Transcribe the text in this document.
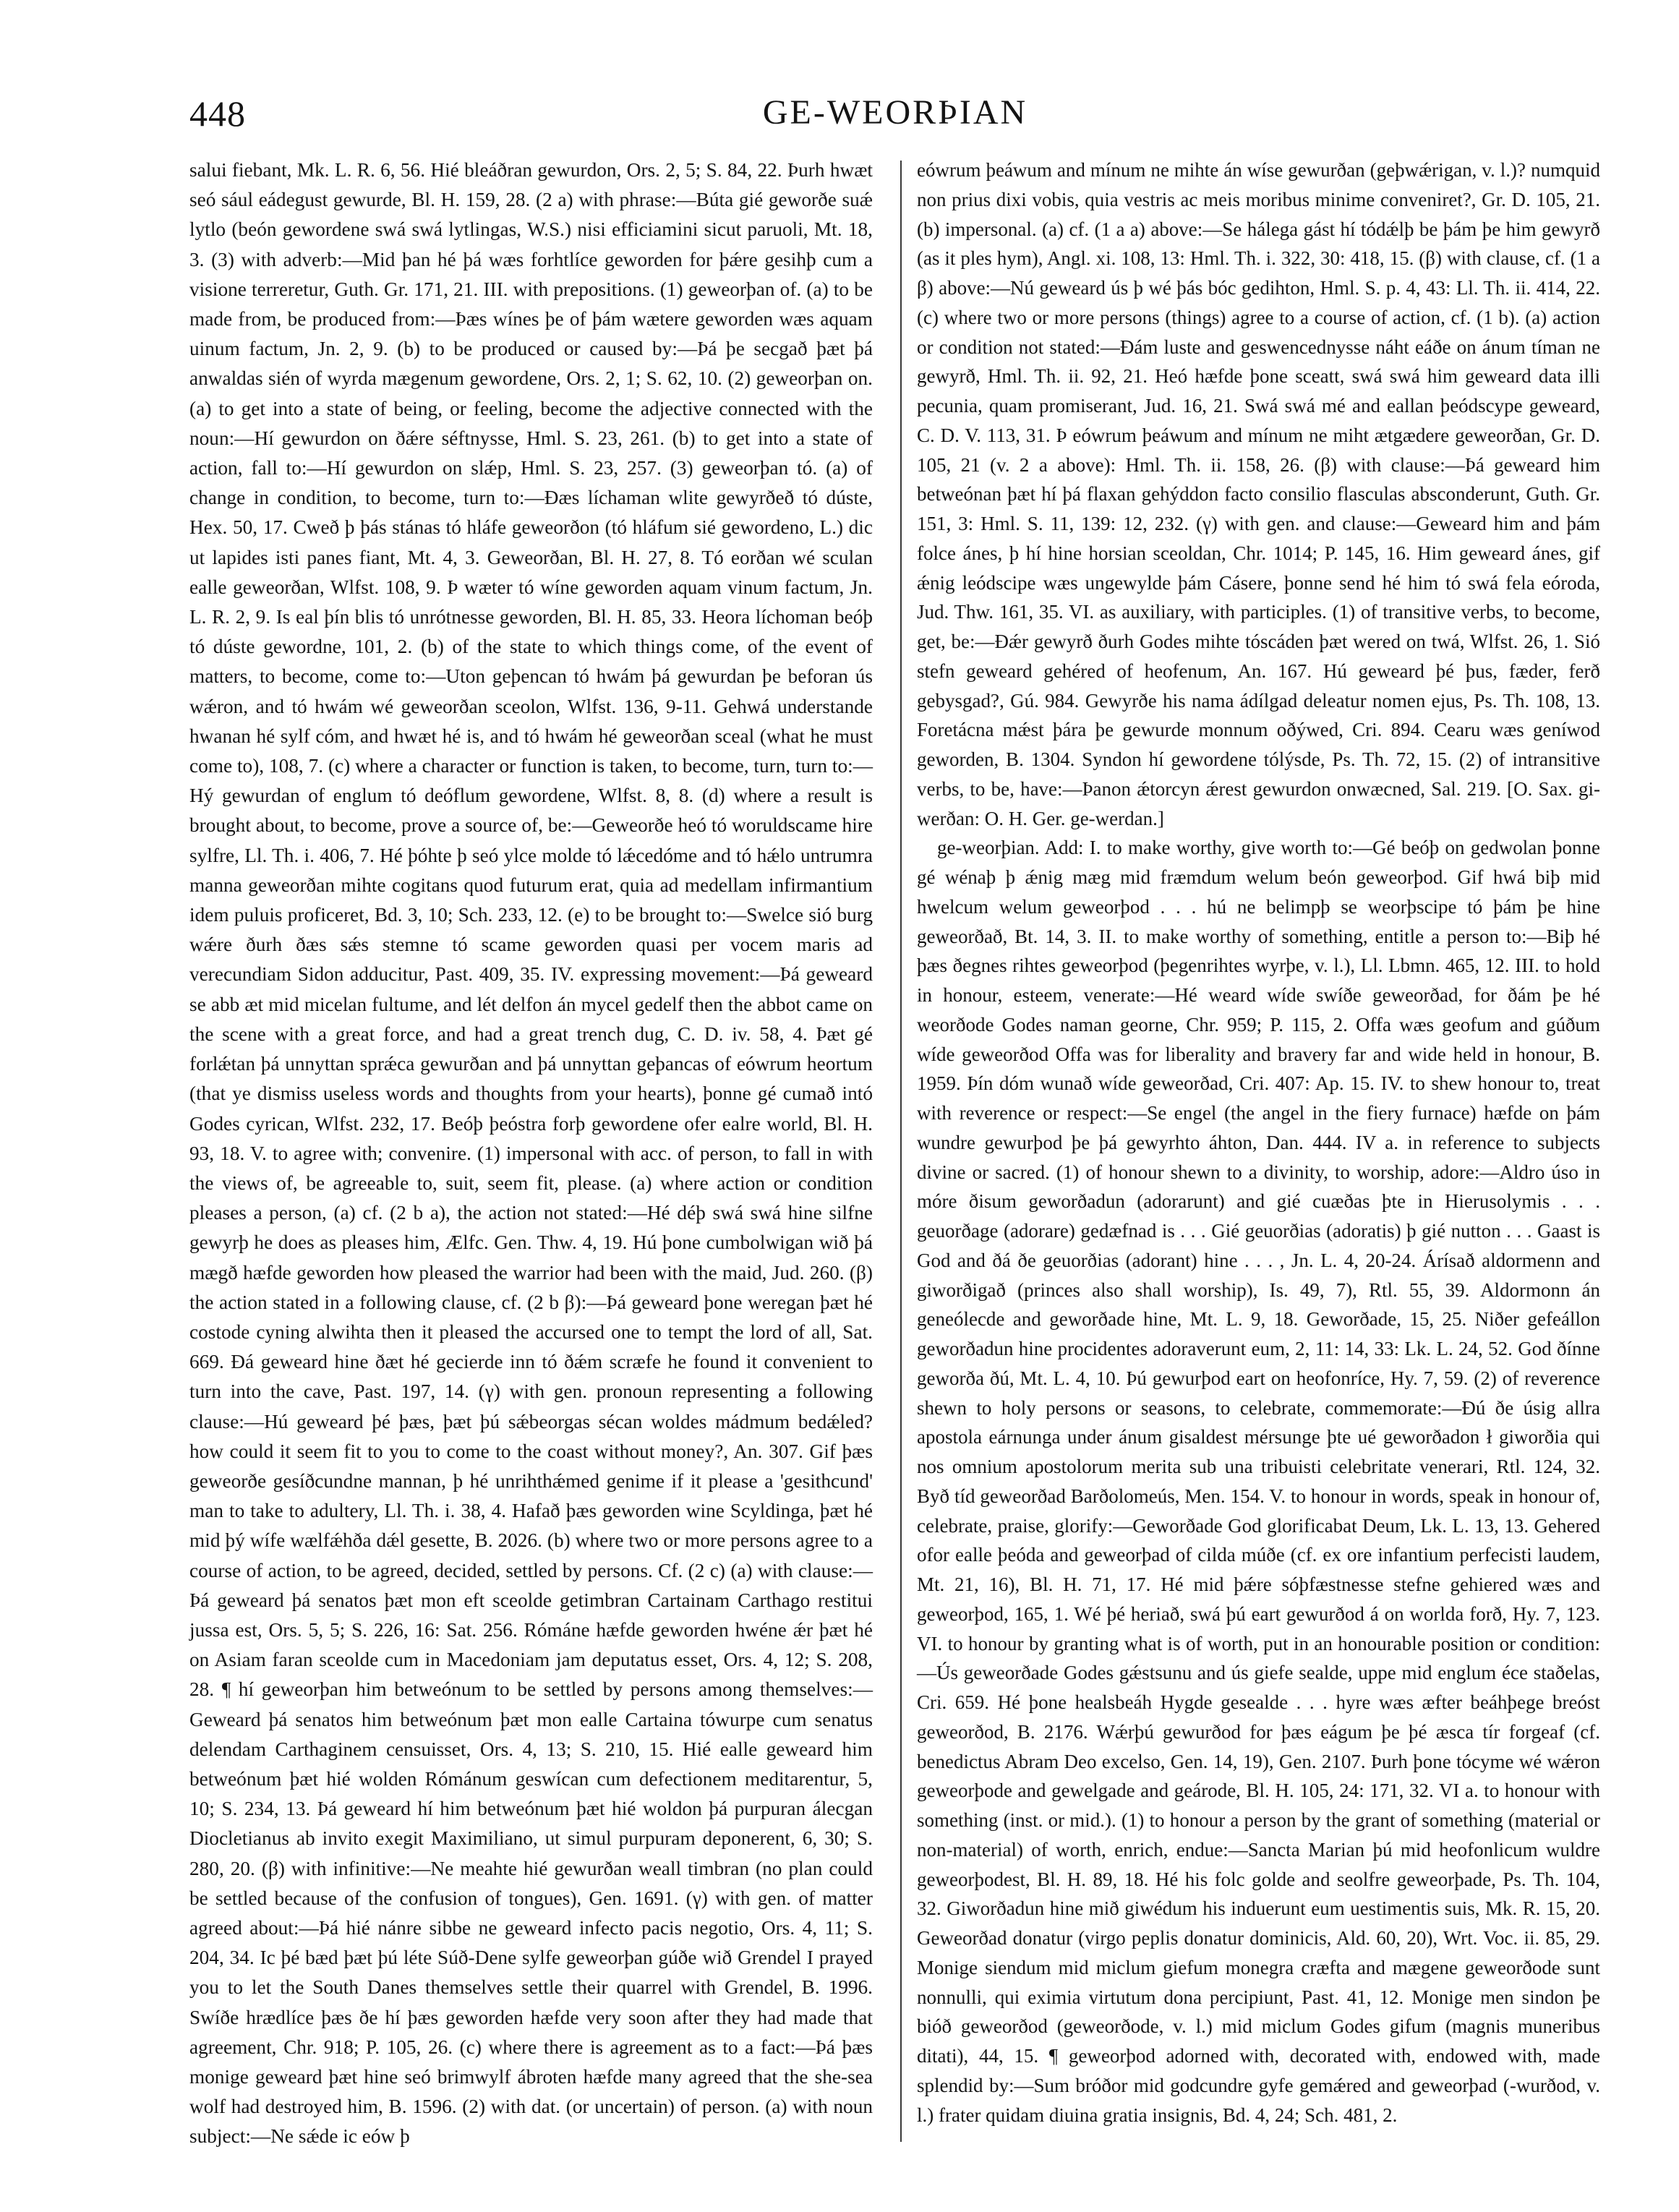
448	GE-WEORÞIAN

salui fiebant, Mk. L. R. 6, 56. Hié bleáðran gewurdon, Ors. 2, 5; S. 84, 22. Þurh hwæt seó sául eádegust gewurde, Bl. H. 159, 28. (2 a) with phrase:—Búta gié geworðe suǽ lytlo (beón gewordene swá swá lytlingas, W.S.) nisi efficiamini sicut paruoli, Mt. 18, 3. (3) with adverb:—Mid þan hé þá wæs forhtlíce geworden for þǽre gesihþ cum a visione terreretur, Guth. Gr. 171, 21. III. with prepositions. (1) geweorþan of. (a) to be made from, be produced from:—Þæs wínes þe of þám wætere geworden wæs aquam uinum factum, Jn. 2, 9. (b) to be produced or caused by:—Þá þe secgað þæt þá anwaldas sién of wyrda mægenum gewordene, Ors. 2, 1; S. 62, 10. (2) geweorþan on. (a) to get into a state of being, or feeling, become the adjective connected with the noun:—Hí gewurdon on ðǽre séftnysse, Hml. S. 23, 261. (b) to get into a state of action, fall to:—Hí gewurdon on slǽp, Hml. S. 23, 257. (3) geweorþan tó. (a) of change in condition, to become, turn to:—Ðæs líchaman wlite gewyrðeð tó dúste, Hex. 50, 17. Cweð þ þás stánas tó hláfe geweorðon (tó hláfum sié gewordeno, L.) dic ut lapides isti panes fiant, Mt. 4, 3. Geweorðan, Bl. H. 27, 8. Tó eorðan wé sculan ealle geweorðan, Wlfst. 108, 9. Þ wæter tó wíne geworden aquam vinum factum, Jn. L. R. 2, 9. Is eal þín blis tó unrótnesse geworden, Bl. H. 85, 33. Heora líchoman beóþ tó dúste gewordne, 101, 2. (b) of the state to which things come, of the event of matters, to become, come to:—Uton geþencan tó hwám þá gewurdan þe beforan ús wǽron, and tó hwám wé geweorðan sceolon, Wlfst. 136, 9-11. Gehwá understande hwanan hé sylf cóm, and hwæt hé is, and tó hwám hé geweorðan sceal (what he must come to), 108, 7. (c) where a character or function is taken, to become, turn, turn to:—Hý gewurdan of englum tó deóflum gewordene, Wlfst. 8, 8. (d) where a result is brought about, to become, prove a source of, be:—Geweorðe heó tó woruldscame hire sylfre, Ll. Th. i. 406, 7. Hé þóhte þ seó ylce molde tó lǽcedóme and tó hǽlo untrumra manna geweorðan mihte cogitans quod futurum erat, quia ad medellam infirmantium idem puluis proficeret, Bd. 3, 10; Sch. 233, 12. (e) to be brought to:—Swelce sió burg wǽre ðurh ðæs sǽs stemne tó scame geworden quasi per vocem maris ad verecundiam Sidon adducitur, Past. 409, 35. IV. expressing movement:—Þá geweard se abb æt mid micelan fultume, and lét delfon án mycel gedelf then the abbot came on the scene with a great force, and had a great trench dug, C. D. iv. 58, 4. Þæt gé forlǽtan þá unnyttan sprǽca gewurðan and þá unnyttan geþancas of eówrum heortum (that ye dismiss useless words and thoughts from your hearts), þonne gé cumað intó Godes cyrican, Wlfst. 232, 17. Beóþ þeóstra forþ gewordene ofer ealre world, Bl. H. 93, 18. V. to agree with; convenire. (1) impersonal with acc. of person, to fall in with the views of, be agreeable to, suit, seem fit, please. (a) where action or condition pleases a person, (a) cf. (2 b a), the action not stated:—Hé déþ swá swá hine silfne gewyrþ he does as pleases him, Ælfc. Gen. Thw. 4, 19. Hú þone cumbolwigan wið þá mægð hæfde geworden how pleased the warrior had been with the maid, Jud. 260. (β) the action stated in a following clause, cf. (2 b β):—Þá geweard þone weregan þæt hé costode cyning alwihta then it pleased the accursed one to tempt the lord of all, Sat. 669. Ðá geweard hine ðæt hé gecierde inn tó ðǽm scræfe he found it convenient to turn into the cave, Past. 197, 14. (γ) with gen. pronoun representing a following clause:—Hú geweard þé þæs, þæt þú sǽbeorgas sécan woldes mádmum bedǽled? how could it seem fit to you to come to the coast without money?, An. 307. Gif þæs geweorðe gesíðcundne mannan, þ hé unrihthǽmed genime if it please a 'gesithcund' man to take to adultery, Ll. Th. i. 38, 4. Hafað þæs geworden wine Scyldinga, þæt hé mid þý wífe wælfǽhða dǽl gesette, B. 2026. (b) where two or more persons agree to a course of action, to be agreed, decided, settled by persons. Cf. (2 c) (a) with clause:—Þá geweard þá senatos þæt mon eft sceolde getimbran Cartainam Carthago restitui jussa est, Ors. 5, 5; S. 226, 16: Sat. 256. Rómáne hæfde geworden hwéne ǽr þæt hé on Asiam faran sceolde cum in Macedoniam jam deputatus esset, Ors. 4, 12; S. 208, 28. ¶ hí geweorþan him betweónum to be settled by persons among themselves:—Geweard þá senatos him betweónum þæt mon ealle Cartaina tówurpe cum senatus delendam Carthaginem censuisset, Ors. 4, 13; S. 210, 15. Hié ealle geweard him betweónum þæt hié wolden Rómánum geswícan cum defectionem meditarentur, 5, 10; S. 234, 13. Þá geweard hí him betweónum þæt hié woldon þá purpuran álecgan Diocletianus ab invito exegit Maximiliano, ut simul purpuram deponerent, 6, 30; S. 280, 20. (β) with infinitive:—Ne meahte hié gewurðan weall timbran (no plan could be settled because of the confusion of tongues), Gen. 1691. (γ) with gen. of matter agreed about:—Þá hié nánre sibbe ne geweard infecto pacis negotio, Ors. 4, 11; S. 204, 34. Ic þé bæd þæt þú léte Súð-Dene sylfe geweorþan gúðe wið Grendel I prayed you to let the South Danes themselves settle their quarrel with Grendel, B. 1996. Swíðe hrædlíce þæs ðe hí þæs geworden hæfde very soon after they had made that agreement, Chr. 918; P. 105, 26. (c) where there is agreement as to a fact:—Þá þæs monige geweard þæt hine seó brimwylf ábroten hæfde many agreed that the she-sea wolf had destroyed him, B. 1596. (2) with dat. (or uncertain) of person. (a) with noun subject:—Ne sǽde ic eów þ

eówrum þeáwum and mínum ne mihte án wíse gewurðan (geþwǽrigan, v. l.)? numquid non prius dixi vobis, quia vestris ac meis moribus minime conveniret?, Gr. D. 105, 21. (b) impersonal. (a) cf. (1 a a) above:—Se hálega gást hí tódǽlþ be þám þe him gewyrð (as it ples hym), Angl. xi. 108, 13: Hml. Th. i. 322, 30: 418, 15. (β) with clause, cf. (1 a β) above:—Nú geweard ús þ wé þás bóc gedihton, Hml. S. p. 4, 43: Ll. Th. ii. 414, 22. (c) where two or more persons (things) agree to a course of action, cf. (1 b). (a) action or condition not stated:—Ðám luste and geswencednysse náht eáðe on ánum tíman ne gewyrð, Hml. Th. ii. 92, 21. Heó hæfde þone sceatt, swá swá him geweard data illi pecunia, quam promiserant, Jud. 16, 21. Swá swá mé and eallan þeódscype geweard, C. D. V. 113, 31. Þ eówrum þeáwum and mínum ne miht ætgædere geweorðan, Gr. D. 105, 21 (v. 2 a above): Hml. Th. ii. 158, 26. (β) with clause:—Þá geweard him betweónan þæt hí þá flaxan gehýddon facto consilio flasculas absconderunt, Guth. Gr. 151, 3: Hml. S. 11, 139: 12, 232. (γ) with gen. and clause:—Geweard him and þám folce ánes, þ hí hine horsian sceoldan, Chr. 1014; P. 145, 16. Him geweard ánes, gif ǽnig leódscipe wæs ungewylde þám Cásere, þonne send hé him tó swá fela eóroda, Jud. Thw. 161, 35. VI. as auxiliary, with participles. (1) of transitive verbs, to become, get, be:—Ðǽr gewyrð ðurh Godes mihte tóscáden þæt wered on twá, Wlfst. 26, 1. Sió stefn geweard gehéred of heofenum, An. 167. Hú geweard þé þus, fæder, ferð gebysgad?, Gú. 984. Gewyrðe his nama ádílgad deleatur nomen ejus, Ps. Th. 108, 13. Foretácna mǽst þára þe gewurde monnum oðýwed, Cri. 894. Cearu wæs geníwod geworden, B. 1304. Syndon hí gewordene tólýsde, Ps. Th. 72, 15. (2) of intransitive verbs, to be, have:—Þanon ǽtorcyn ǽrest gewurdon onwæcned, Sal. 219. [O. Sax. gi-werðan: O. H. Ger. ge-werdan.]

ge-weorþian. Add: I. to make worthy, give worth to:—Gé beóþ on gedwolan þonne gé wénaþ þ ǽnig mæg mid fræmdum welum beón geweorþod. Gif hwá biþ mid hwelcum welum geweorþod . . . hú ne belimpþ se weorþscipe tó þám þe hine geweorðað, Bt. 14, 3. II. to make worthy of something, entitle a person to:—Biþ hé þæs ðegnes rihtes geweorþod (þegenrihtes wyrþe, v. l.), Ll. Lbmn. 465, 12. III. to hold in honour, esteem, venerate:—Hé weard wíde swíðe geweorðad, for ðám þe hé weorðode Godes naman georne, Chr. 959; P. 115, 2. Offa wæs geofum and gúðum wíde geweorðod Offa was for liberality and bravery far and wide held in honour, B. 1959. Þín dóm wunað wíde geweorðad, Cri. 407: Ap. 15. IV. to shew honour to, treat with reverence or respect:—Se engel (the angel in the fiery furnace) hæfde on þám wundre gewurþod þe þá gewyrhto áhton, Dan. 444. IV a. in reference to subjects divine or sacred. (1) of honour shewn to a divinity, to worship, adore:—Aldro úso in móre ðisum geworðadun (adorarunt) and gié cuæðas þte in Hierusolymis . . . geuorðage (adorare) gedæfnad is . . . Gié geuorðias (adoratis) þ gié nutton . . . Gaast is God and ðá ðe geuorðias (adorant) hine . . . , Jn. L. 4, 20-24. Árísað aldormenn and giworðigað (princes also shall worship), Is. 49, 7), Rtl. 55, 39. Aldormonn án geneólecde and geworðade hine, Mt. L. 9, 18. Geworðade, 15, 25. Niðer gefeállon geworðadun hine procidentes adoraverunt eum, 2, 11: 14, 33: Lk. L. 24, 52. God ðínne geworða ðú, Mt. L. 4, 10. Þú gewurþod eart on heofonríce, Hy. 7, 59. (2) of reverence shewn to holy persons or seasons, to celebrate, commemorate:—Ðú ðe úsig allra apostola eárnunga under ánum gisaldest mérsunge þte ué geworðadon ł giworðia qui nos omnium apostolorum merita sub una tribuisti celebritate venerari, Rtl. 124, 32. Byð tíd geweorðad Barðolomeús, Men. 154. V. to honour in words, speak in honour of, celebrate, praise, glorify:—Geworðade God glorificabat Deum, Lk. L. 13, 13. Gehered ofor ealle þeóda and geweorþad of cilda múðe (cf. ex ore infantium perfecisti laudem, Mt. 21, 16), Bl. H. 71, 17. Hé mid þǽre sóþfæstnesse stefne gehiered wæs and geweorþod, 165, 1. Wé þé heriað, swá þú eart gewurðod á on worlda forð, Hy. 7, 123. VI. to honour by granting what is of worth, put in an honourable position or condition:—Ús geweorðade Godes gǽstsunu and ús giefe sealde, uppe mid englum éce staðelas, Cri. 659. Hé þone healsbeáh Hygde gesealde . . . hyre wæs æfter beáhþege breóst geweorðod, B. 2176. Wǽrþú gewurðod for þæs eágum þe þé æsca tír forgeaf (cf. benedictus Abram Deo excelso, Gen. 14, 19), Gen. 2107. Þurh þone tócyme wé wǽron geweorþode and gewelgade and geárode, Bl. H. 105, 24: 171, 32. VI a. to honour with something (inst. or mid.). (1) to honour a person by the grant of something (material or non-material) of worth, enrich, endue:—Sancta Marian þú mid heofonlicum wuldre geweorþodest, Bl. H. 89, 18. Hé his folc golde and seolfre geweorþade, Ps. Th. 104, 32. Giworðadun hine mið giwédum his induerunt eum uestimentis suis, Mk. R. 15, 20. Geweorðad donatur (virgo peplis donatur dominicis, Ald. 60, 20), Wrt. Voc. ii. 85, 29. Monige siendum mid miclum giefum monegra cræfta and mægene geweorðode sunt nonnulli, qui eximia virtutum dona percipiunt, Past. 41, 12. Monige men sindon þe bióð geweorðod (geweorðode, v. l.) mid miclum Godes gifum (magnis muneribus ditati), 44, 15. ¶ geweorþod adorned with, decorated with, endowed with, made splendid by:—Sum bróðor mid godcundre gyfe gemǽred and geweorþad (-wurðod, v. l.) frater quidam diuina gratia insignis, Bd. 4, 24; Sch. 481, 2.
